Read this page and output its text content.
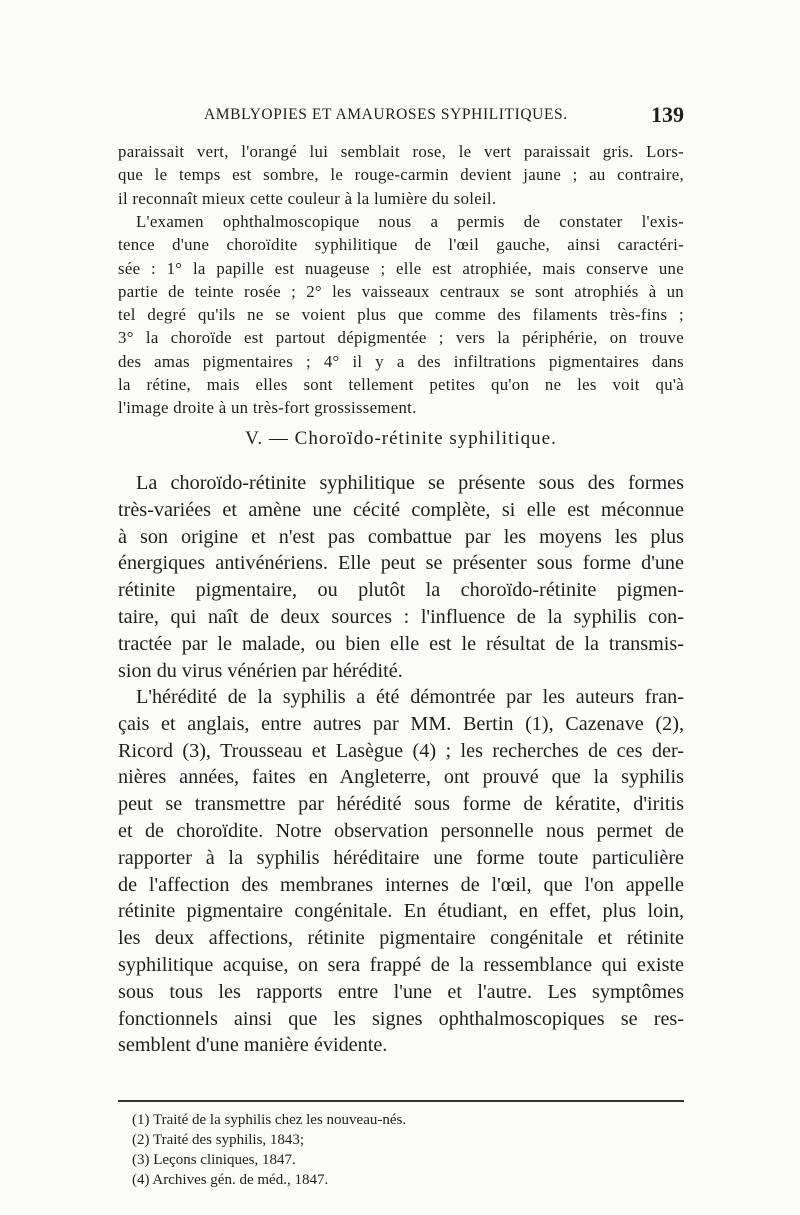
AMBLYOPIES ET AMAUROSES SYPHILITIQUES.	139

paraissait vert, l'orangé lui semblait rose, le vert paraissait gris. Lors-
que le temps est sombre, le rouge-carmin devient jaune ; au contraire,
il reconnaît mieux cette couleur à la lumière du soleil.

L'examen ophthalmoscopique nous a permis de constater l'exis-
tence d'une choroïdite syphilitique de l'œil gauche, ainsi caractéri-
sée : 1° la papille est nuageuse ; elle est atrophiée, mais conserve une
partie de teinte rosée ; 2° les vaisseaux centraux se sont atrophiés à un
tel degré qu'ils ne se voient plus que comme des filaments très-fins ;
3° la choroïde est partout dépigmentée ; vers la périphérie, on trouve
des amas pigmentaires ; 4° il y a des infiltrations pigmentaires dans
la rétine, mais elles sont tellement petites qu'on ne les voit qu'à
l'image droite à un très-fort grossissement.

V. — Choroïdo-rétinite syphilitique.

La choroïdo-rétinite syphilitique se présente sous des formes
très-variées et amène une cécité complète, si elle est méconnue
à son origine et n'est pas combattue par les moyens les plus
énergiques antivénériens. Elle peut se présenter sous forme d'une
rétinite pigmentaire, ou plutôt la choroïdo-rétinite pigmen-
taire, qui naît de deux sources : l'influence de la syphilis con-
tractée par le malade, ou bien elle est le résultat de la transmis-
sion du virus vénérien par hérédité.

L'hérédité de la syphilis a été démontrée par les auteurs fran-
çais et anglais, entre autres par MM. Bertin (1), Cazenave (2),
Ricord (3), Trousseau et Lasègue (4) ; les recherches de ces der-
nières années, faites en Angleterre, ont prouvé que la syphilis
peut se transmettre par hérédité sous forme de kératite, d'iritis
et de choroïdite. Notre observation personnelle nous permet de
rapporter à la syphilis héréditaire une forme toute particulière
de l'affection des membranes internes de l'œil, que l'on appelle
rétinite pigmentaire congénitale. En étudiant, en effet, plus loin,
les deux affections, rétinite pigmentaire congénitale et rétinite
syphilitique acquise, on sera frappé de la ressemblance qui existe
sous tous les rapports entre l'une et l'autre. Les symptômes
fonctionnels ainsi que les signes ophthalmoscopiques se res-
semblent d'une manière évidente.

(1) Traité de la syphilis chez les nouveau-nés.
(2) Traité des syphilis, 1843;
(3) Leçons cliniques, 1847.
(4) Archives gén. de méd., 1847.
